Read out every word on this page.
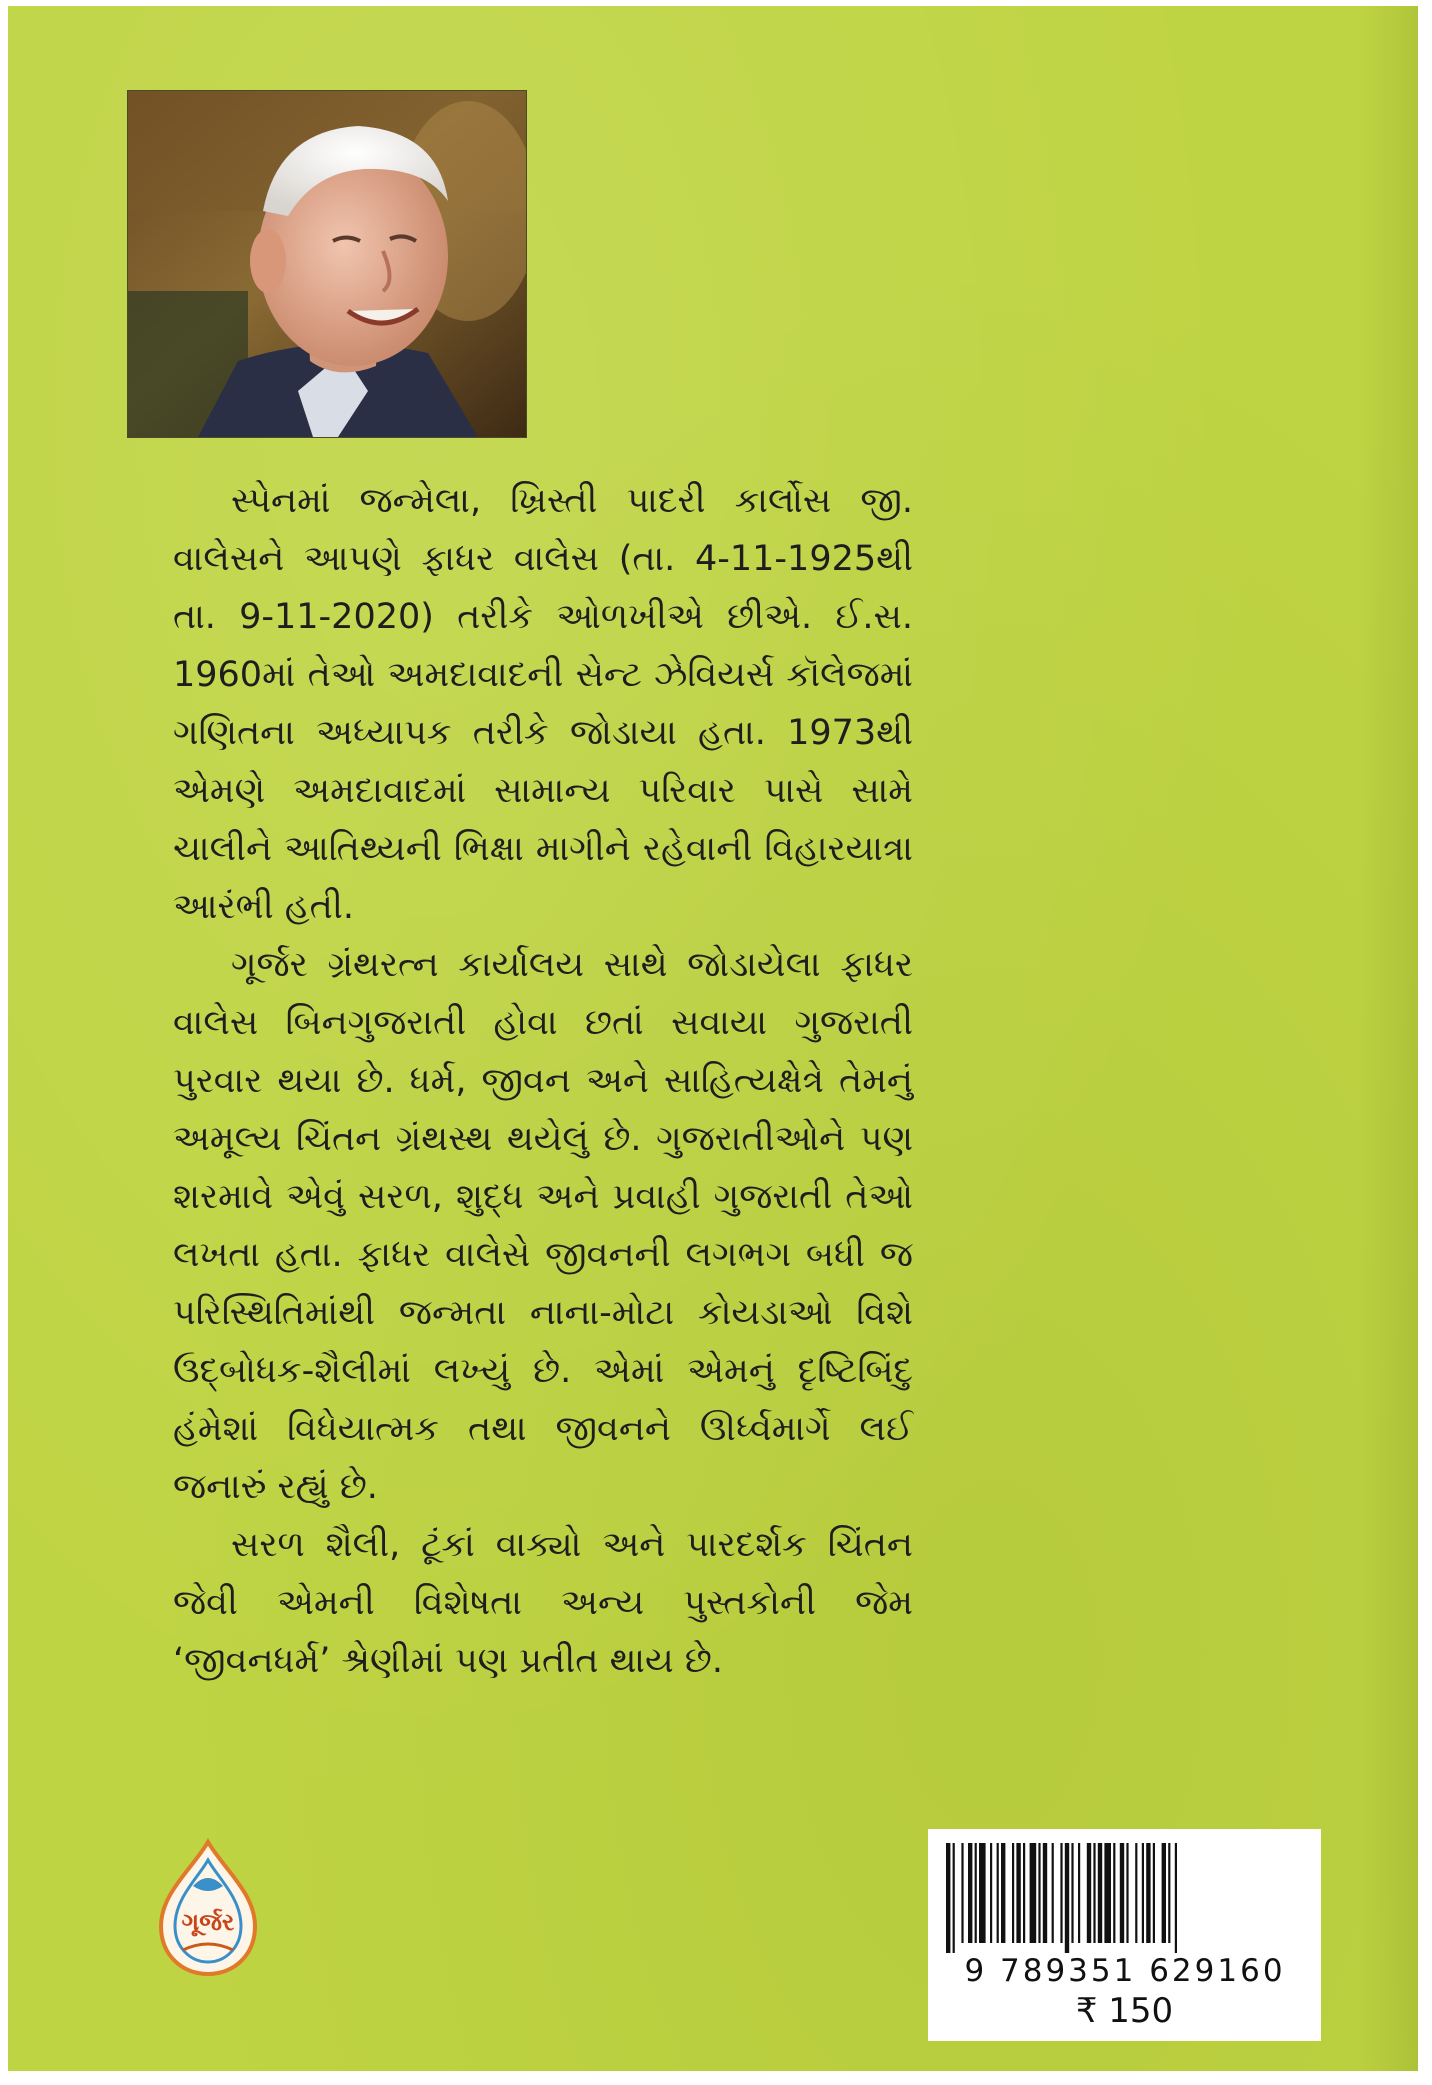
સ્પેનમાં જન્મેલા, ખ્રિસ્તી પાદરી કાર્લોસ જી. વાલેસને આપણે ફાધર વાલેસ (તા. 4-11-1925થી તા. 9-11-2020) તરીકે ઓળખીએ છીએ. ઈ.સ. 1960માં તેઓ અમદાવાદની સેન્ટ ઝેવિયર્સ કૉલેજમાં ગણિતના અધ્યાપક તરીકે જોડાયા હતા. 1973થી એમણે અમદાવાદમાં સામાન્ય પરિવાર પાસે સામે ચાલીને આતિથ્યની ભિક્ષા માગીને રહેવાની વિહારયાત્રા આરંભી હતી.

ગૂર્જર ગ્રંથરત્ન કાર્યાલય સાથે જોડાયેલા ફાધર વાલેસ બિનગુજરાતી હોવા છતાં સવાયા ગુજરાતી પુરવાર થયા છે. ધર્મ, જીવન અને સાહિત્યક્ષેત્રે તેમનું અમૂલ્ય ચિંતન ગ્રંથસ્થ થયેલું છે. ગુજરાતીઓને પણ શરમાવે એવું સરળ, શુદ્ધ અને પ્રવાહી ગુજરાતી તેઓ લખતા હતા. ફાધર વાલેસે જીવનની લગભગ બધી જ પરિસ્થિતિમાંથી જન્મતા નાના-મોટા કોયડાઓ વિશે ઉદ્બોધક-શૈલીમાં લખ્યું છે. એમાં એમનું દૃષ્ટિબિંદુ હંમેશાં વિધેયાત્મક તથા જીવનને ઊર્ધ્વમાર્ગે લઈ જનારું રહ્યું છે.

સરળ શૈલી, ટૂંકાં વાક્યો અને પારદર્શક ચિંતન જેવી એમની વિશેષતા અન્ય પુસ્તકોની જેમ ‘જીવનધર્મ’ શ્રેણીમાં પણ પ્રતીત થાય છે.

ગૂર્જર
9 789351 629160
₹ 150
